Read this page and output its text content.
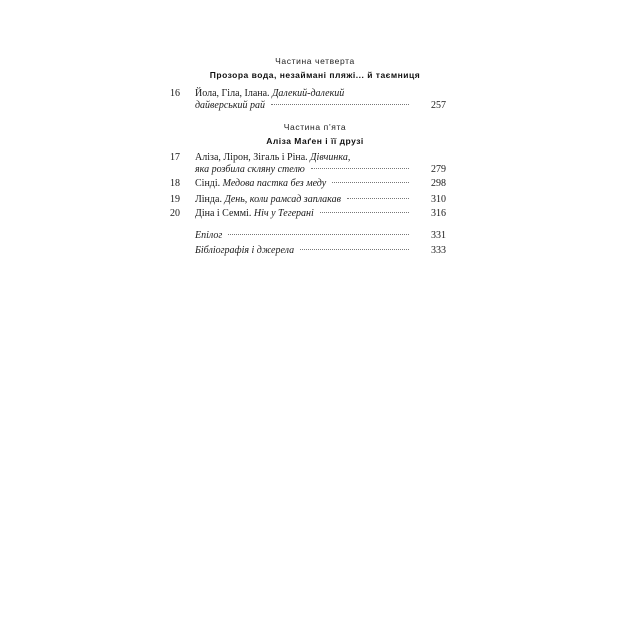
Частина четверта
Прозора вода, незаймані пляжі... й таємниця
16	Йола, Гіла, Ілана. Далекий-далекий
дайверський рай	257
Частина п’ята
Аліза Маґен і її друзі
17	Аліза, Лірон, Зігаль і Ріна. Дівчинка,
яка розбила скляну стелю	279
18	Сінді. Медова пастка без меду	298
19	Лінда. День, коли рамсад заплакав	310
20	Діна і Семмі. Ніч у Тегерані	316
Епілог	331
Бібліографія і джерела	333
